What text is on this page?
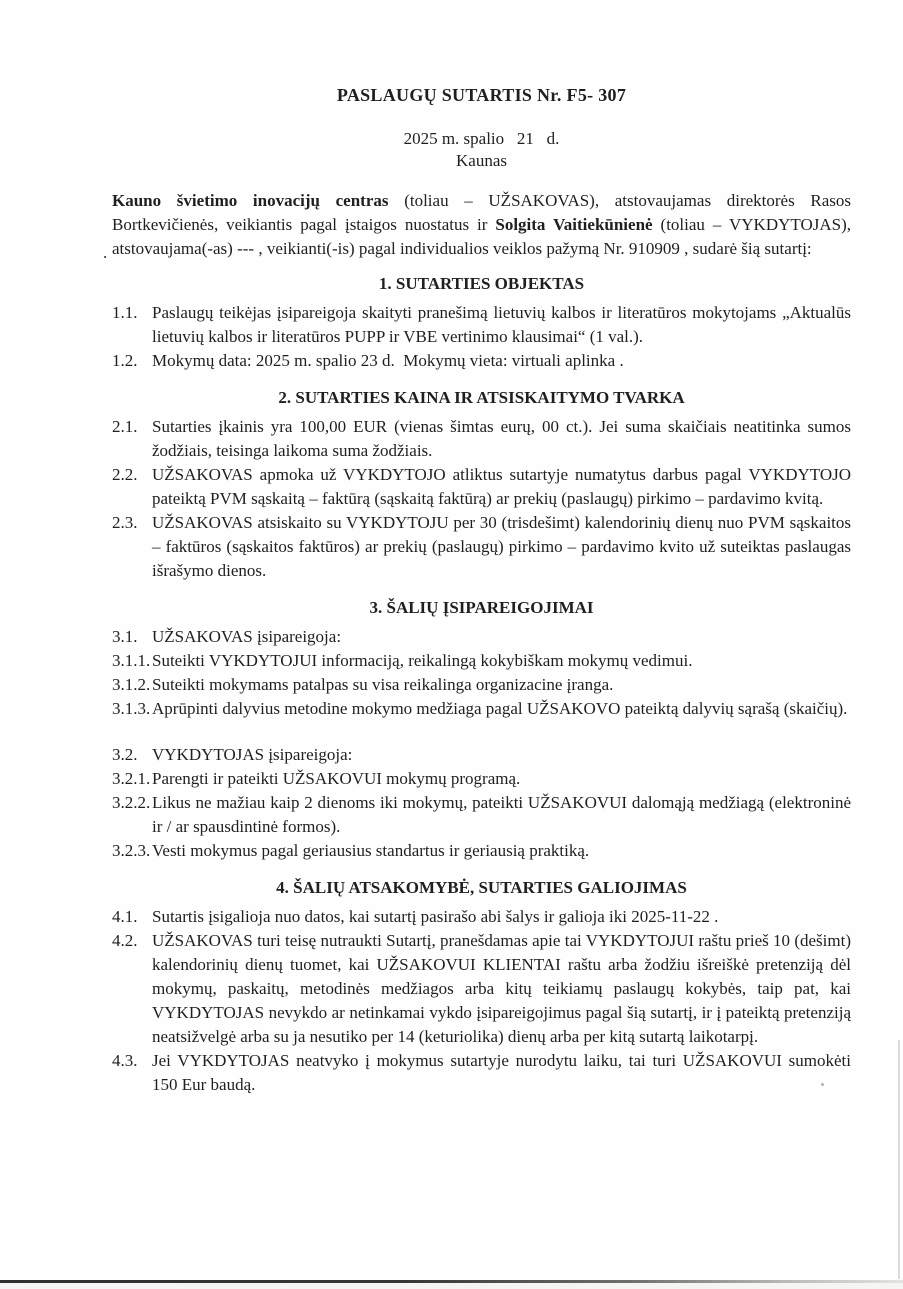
PASLAUGŲ SUTARTIS Nr. F5- 307
2025 m. spalio   21   d.
Kaunas

Kauno švietimo inovacijų centras (toliau – UŽSAKOVAS), atstovaujamas direktorės Rasos Bortkevičienės, veikiantis pagal įstaigos nuostatus ir Solgita Vaitiekūnienė (toliau – VYKDYTOJAS), atstovaujama(-as) --- , veikianti(-is) pagal individualios veiklos pažymą Nr. 910909 , sudarė šią sutartį:

1. SUTARTIES OBJEKTAS
1.1. Paslaugų teikėjas įsipareigoja skaityti pranešimą lietuvių kalbos ir literatūros mokytojams „Aktualūs lietuvių kalbos ir literatūros PUPP ir VBE vertinimo klausimai“ (1 val.).
1.2. Mokymų data: 2025 m. spalio 23 d.  Mokymų vieta: virtuali aplinka .
2. SUTARTIES KAINA IR ATSISKAITYMO TVARKA
2.1. Sutarties įkainis yra 100,00 EUR (vienas šimtas eurų, 00 ct.). Jei suma skaičiais neatitinka sumos žodžiais, teisinga laikoma suma žodžiais.
2.2. UŽSAKOVAS apmoka už VYKDYTOJO atliktus sutartyje numatytus darbus pagal VYKDYTOJO pateiktą PVM sąskaitą – faktūrą (sąskaitą faktūrą) ar prekių (paslaugų) pirkimo – pardavimo kvitą.
2.3. UŽSAKOVAS atsiskaito su VYKDYTOJU per 30 (trisdešimt) kalendorinių dienų nuo PVM sąskaitos – faktūros (sąskaitos faktūros) ar prekių (paslaugų) pirkimo – pardavimo kvito už suteiktas paslaugas išrašymo dienos.
3. ŠALIŲ ĮSIPAREIGOJIMAI
3.1. UŽSAKOVAS įsipareigoja:
3.1.1. Suteikti VYKDYTOJUI informaciją, reikalingą kokybiškam mokymų vedimui.
3.1.2. Suteikti mokymams patalpas su visa reikalinga organizacine įranga.
3.1.3. Aprūpinti dalyvius metodine mokymo medžiaga pagal UŽSAKOVO pateiktą dalyvių sąrašą (skaičių).
3.2. VYKDYTOJAS įsipareigoja:
3.2.1. Parengti ir pateikti UŽSAKOVUI mokymų programą.
3.2.2. Likus ne mažiau kaip 2 dienoms iki mokymų, pateikti UŽSAKOVUI dalomąją medžiagą (elektroninė ir / ar spausdintinė formos).
3.2.3. Vesti mokymus pagal geriausius standartus ir geriausią praktiką.
4. ŠALIŲ ATSAKOMYBĖ, SUTARTIES GALIOJIMAS
4.1. Sutartis įsigalioja nuo datos, kai sutartį pasirašo abi šalys ir galioja iki 2025-11-22 .
4.2. UŽSAKOVAS turi teisę nutraukti Sutartį, pranešdamas apie tai VYKDYTOJUI raštu prieš 10 (dešimt) kalendorinių dienų tuomet, kai UŽSAKOVUI KLIENTAI raštu arba žodžiu išreiškė pretenziją dėl mokymų, paskaitų, metodinės medžiagos arba kitų teikiamų paslaugų kokybės, taip pat, kai VYKDYTOJAS nevykdo ar netinkamai vykdo įsipareigojimus pagal šią sutartį, ir į pateiktą pretenziją neatsižvelgė arba su ja nesutiko per 14 (keturiolika) dienų arba per kitą sutartą laikotarpį.
4.3. Jei VYKDYTOJAS neatvyko į mokymus sutartyje nurodytu laiku, tai turi UŽSAKOVUI sumokėti 150 Eur baudą.
.
